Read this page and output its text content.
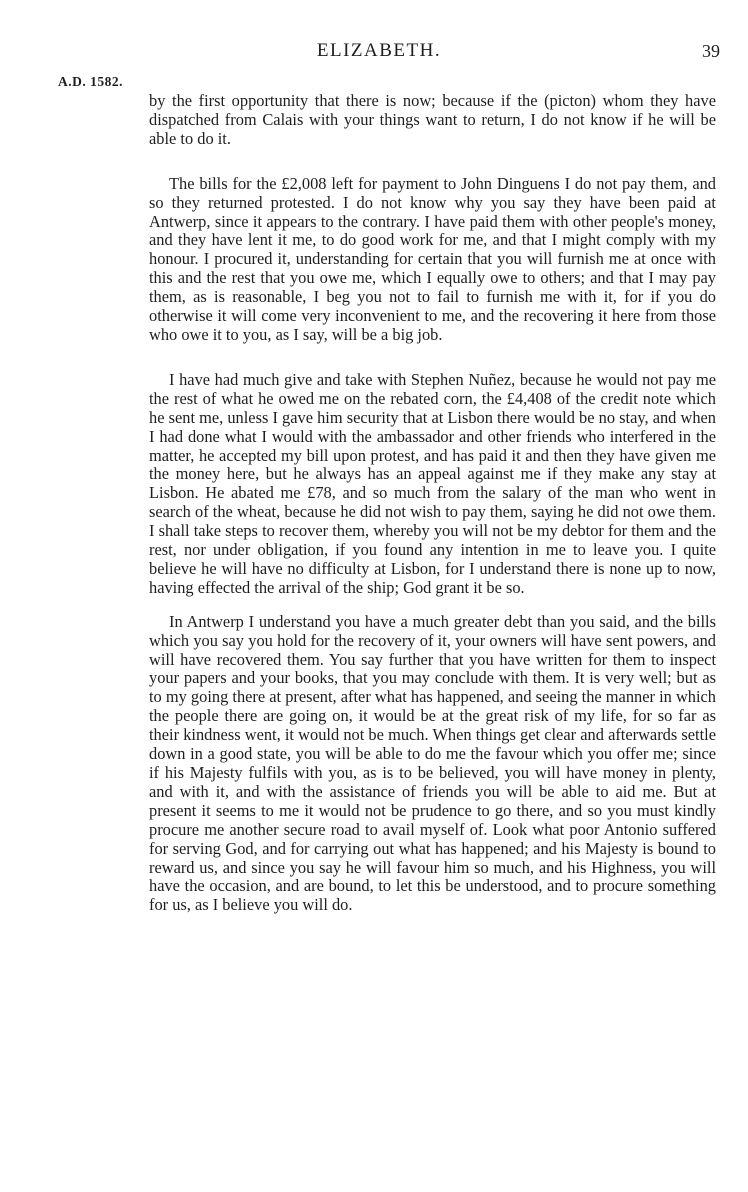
ELIZABETH.	39
A.D. 1582.

by the first opportunity that there is now; because if the (picton) whom they have dispatched from Calais with your things want to return, I do not know if he will be able to do it.

The bills for the £2,008 left for payment to John Dinguens I do not pay them, and so they returned protested. I do not know why you say they have been paid at Antwerp, since it appears to the contrary. I have paid them with other people's money, and they have lent it me, to do good work for me, and that I might comply with my honour. I procured it, understanding for certain that you will furnish me at once with this and the rest that you owe me, which I equally owe to others; and that I may pay them, as is reasonable, I beg you not to fail to furnish me with it, for if you do otherwise it will come very inconvenient to me, and the recovering it here from those who owe it to you, as I say, will be a big job.

I have had much give and take with Stephen Nuñez, because he would not pay me the rest of what he owed me on the rebated corn, the £4,408 of the credit note which he sent me, unless I gave him security that at Lisbon there would be no stay, and when I had done what I would with the ambassador and other friends who interfered in the matter, he accepted my bill upon protest, and has paid it and then they have given me the money here, but he always has an appeal against me if they make any stay at Lisbon. He abated me £78, and so much from the salary of the man who went in search of the wheat, because he did not wish to pay them, saying he did not owe them. I shall take steps to recover them, whereby you will not be my debtor for them and the rest, nor under obligation, if you found any intention in me to leave you. I quite believe he will have no difficulty at Lisbon, for I understand there is none up to now, having effected the arrival of the ship; God grant it be so.

In Antwerp I understand you have a much greater debt than you said, and the bills which you say you hold for the recovery of it, your owners will have sent powers, and will have recovered them. You say further that you have written for them to inspect your papers and your books, that you may conclude with them. It is very well; but as to my going there at present, after what has happened, and seeing the manner in which the people there are going on, it would be at the great risk of my life, for so far as their kindness went, it would not be much. When things get clear and afterwards settle down in a good state, you will be able to do me the favour which you offer me; since if his Majesty fulfils with you, as is to be believed, you will have money in plenty, and with it, and with the assistance of friends you will be able to aid me. But at present it seems to me it would not be prudence to go there, and so you must kindly procure me another secure road to avail myself of. Look what poor Antonio suffered for serving God, and for carrying out what has happened; and his Majesty is bound to reward us, and since you say he will favour him so much, and his Highness, you will have the occasion, and are bound, to let this be understood, and to procure something for us, as I believe you will do.
